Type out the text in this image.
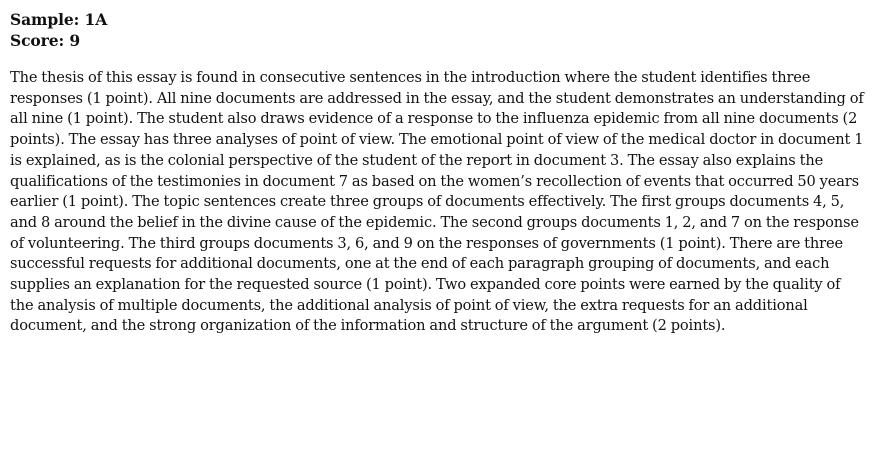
Sample: 1A

Score: 9

The thesis of this essay is found in consecutive sentences in the introduction where the student identifies three responses (1 point). All nine documents are addressed in the essay, and the student demonstrates an understanding of all nine (1 point). The student also draws evidence of a response to the influenza epidemic from all nine documents (2 points). The essay has three analyses of point of view. The emotional point of view of the medical doctor in document 1 is explained, as is the colonial perspective of the student of the report in document 3. The essay also explains the qualifications of the testimonies in document 7 as based on the women’s recollection of events that occurred 50 years earlier (1 point). The topic sentences create three groups of documents effectively. The first groups documents 4, 5, and 8 around the belief in the divine cause of the epidemic. The second groups documents 1, 2, and 7 on the response of volunteering. The third groups documents 3, 6, and 9 on the responses of governments (1 point). There are three successful requests for additional documents, one at the end of each paragraph grouping of documents, and each supplies an explanation for the requested source (1 point). Two expanded core points were earned by the quality of the analysis of multiple documents, the additional analysis of point of view, the extra requests for an additional document, and the strong organization of the information and structure of the argument (2 points).
